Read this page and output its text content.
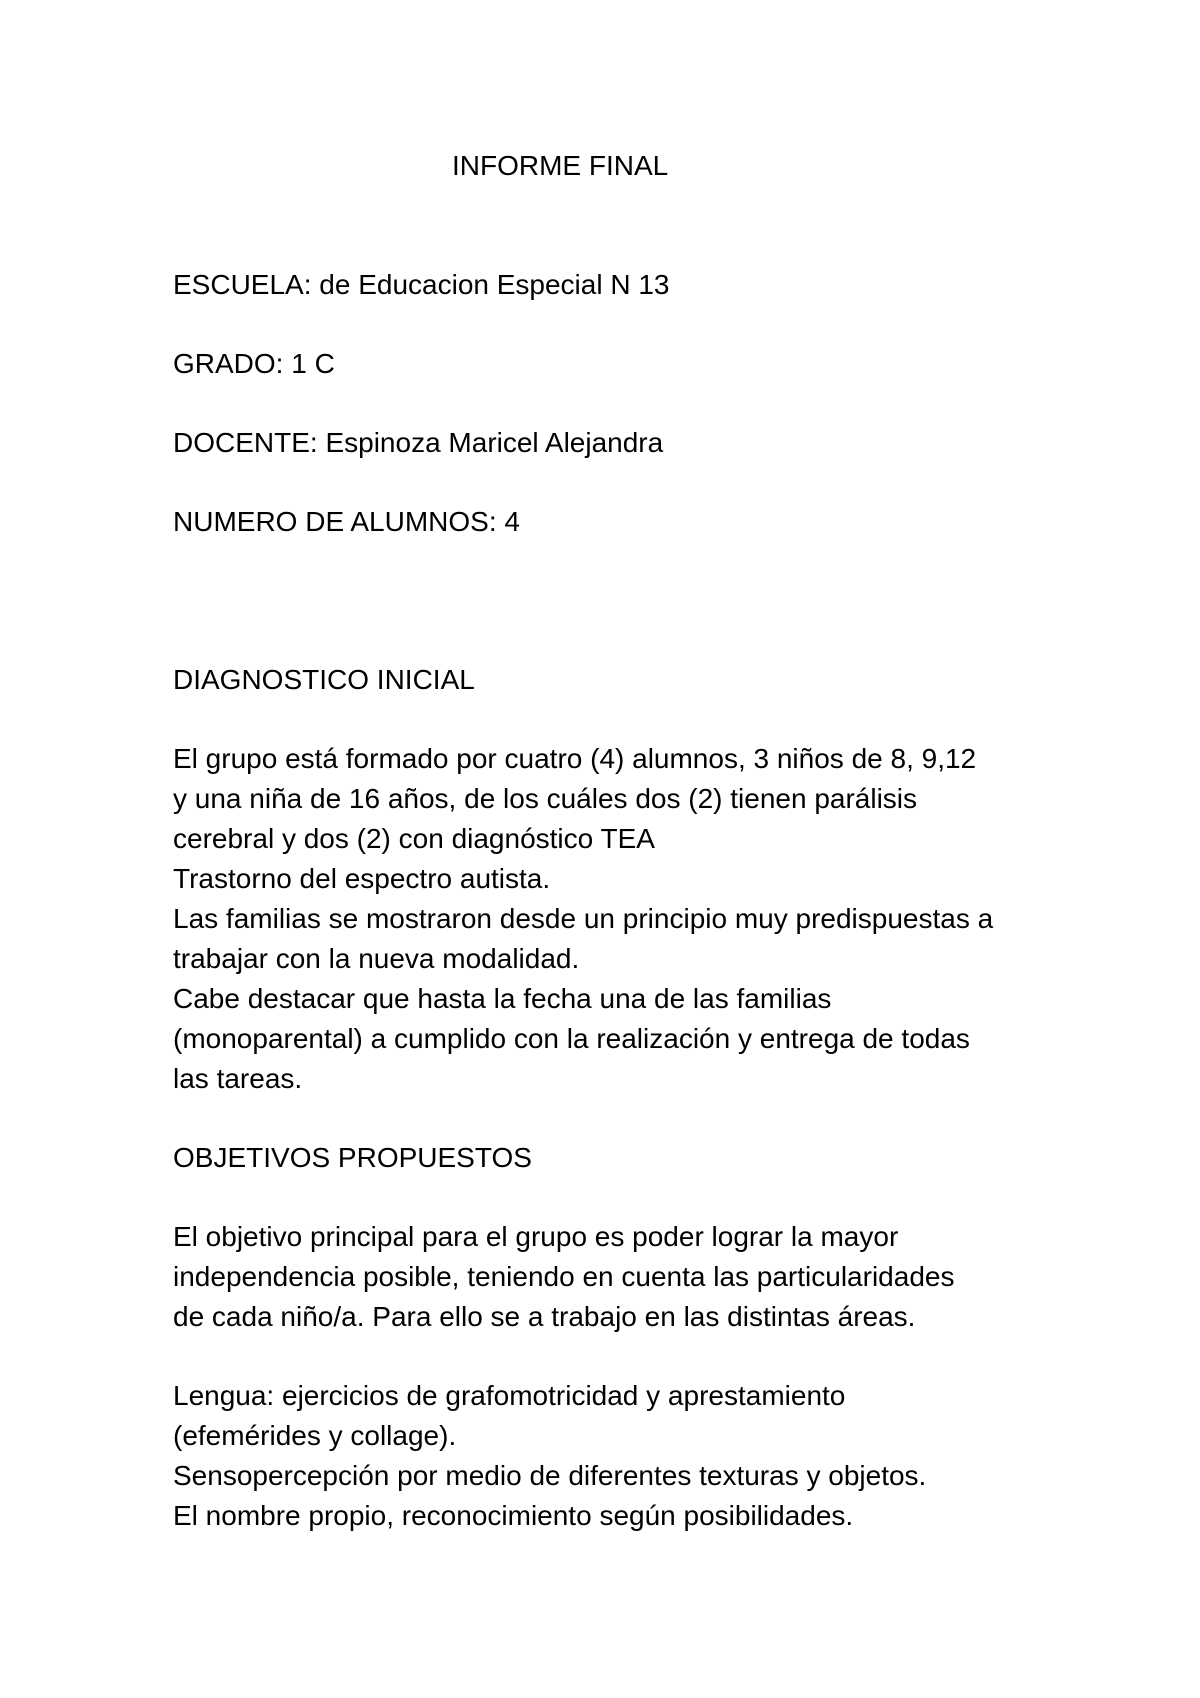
INFORME FINAL
ESCUELA: de Educacion Especial N 13
GRADO: 1 C
DOCENTE: Espinoza Maricel Alejandra
NUMERO DE ALUMNOS: 4
DIAGNOSTICO INICIAL
El grupo está formado por cuatro (4) alumnos, 3 niños de 8, 9,12
y una niña de 16 años, de los cuáles dos (2) tienen parálisis
cerebral y dos (2) con diagnóstico TEA
Trastorno del espectro autista.
Las familias se mostraron desde un principio muy predispuestas a
trabajar con la nueva modalidad.
Cabe destacar que hasta la fecha una de las familias
(monoparental) a cumplido con la realización y entrega de todas
las tareas.
OBJETIVOS PROPUESTOS
El objetivo principal para el grupo es poder lograr la mayor
independencia posible, teniendo en cuenta las particularidades
de cada niño/a. Para ello se a trabajo en las distintas áreas.
Lengua: ejercicios de grafomotricidad y aprestamiento
(efemérides y collage).
Sensopercepción por medio de diferentes texturas y objetos.
El nombre propio, reconocimiento según posibilidades.
